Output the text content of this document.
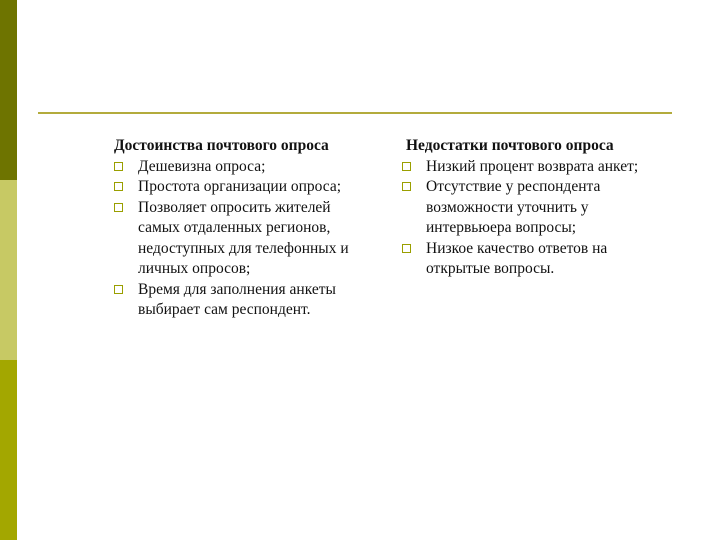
Достоинства почтового опроса
Дешевизна опроса;
Простота организации опроса;
Позволяет опросить жителей самых отдаленных регионов, недоступных для телефонных и личных опросов;
Время для заполнения анкеты выбирает сам респондент.
Недостатки почтового опроса
Низкий процент возврата анкет;
Отсутствие у респондента возможности уточнить у интервьюера вопросы;
Низкое качество ответов на открытые вопросы.
